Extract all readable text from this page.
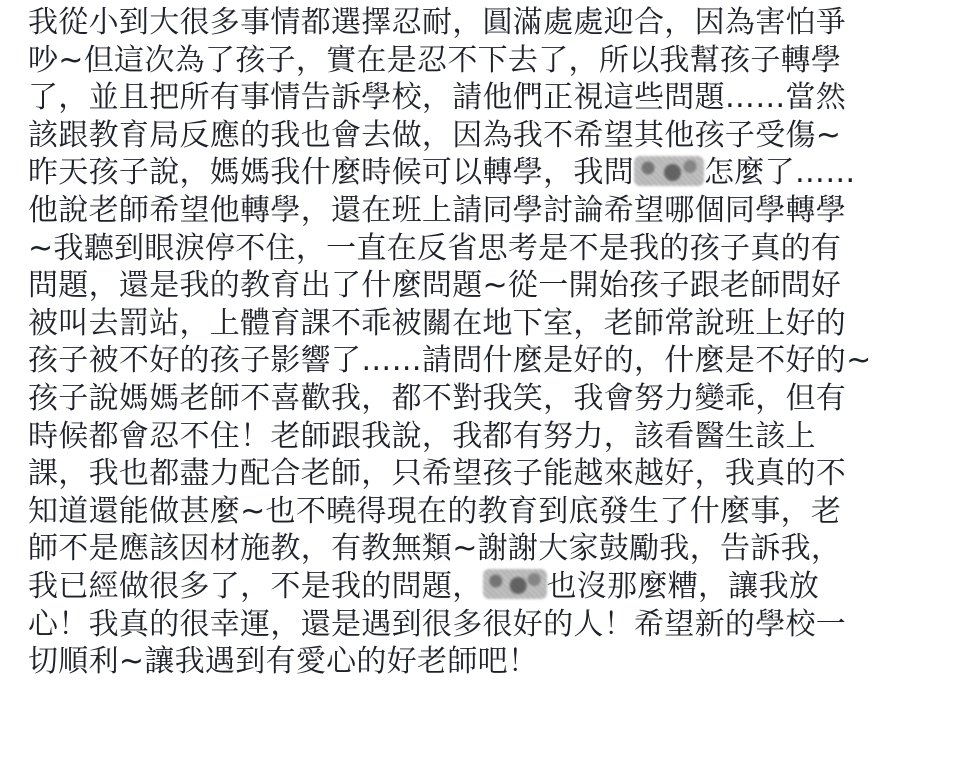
我從小到大很多事情都選擇忍耐，圓滿處處迎合，因為害怕爭
吵~但這次為了孩子，實在是忍不下去了，所以我幫孩子轉學
了，並且把所有事情告訴學校，請他們正視這些問題……當然
該跟教育局反應的我也會去做，因為我不希望其他孩子受傷~
昨天孩子說，媽媽我什麼時候可以轉學，我問 怎麼了……
他說老師希望他轉學，還在班上請同學討論希望哪個同學轉學
~我聽到眼淚停不住，一直在反省思考是不是我的孩子真的有
問題，還是我的教育出了什麼問題~從一開始孩子跟老師問好
被叫去罰站，上體育課不乖被關在地下室，老師常說班上好的
孩子被不好的孩子影響了……請問什麼是好的，什麼是不好的~
孩子說媽媽老師不喜歡我，都不對我笑，我會努力變乖，但有
時候都會忍不住！老師跟我說，我都有努力，該看醫生該上
課，我也都盡力配合老師，只希望孩子能越來越好，我真的不
知道還能做甚麼~也不曉得現在的教育到底發生了什麼事，老
師不是應該因材施教，有教無類~謝謝大家鼓勵我，告訴我，
我已經做很多了，不是我的問題， 也沒那麼糟，讓我放
心！我真的很幸運，還是遇到很多很好的人！希望新的學校一
切順利~讓我遇到有愛心的好老師吧！
